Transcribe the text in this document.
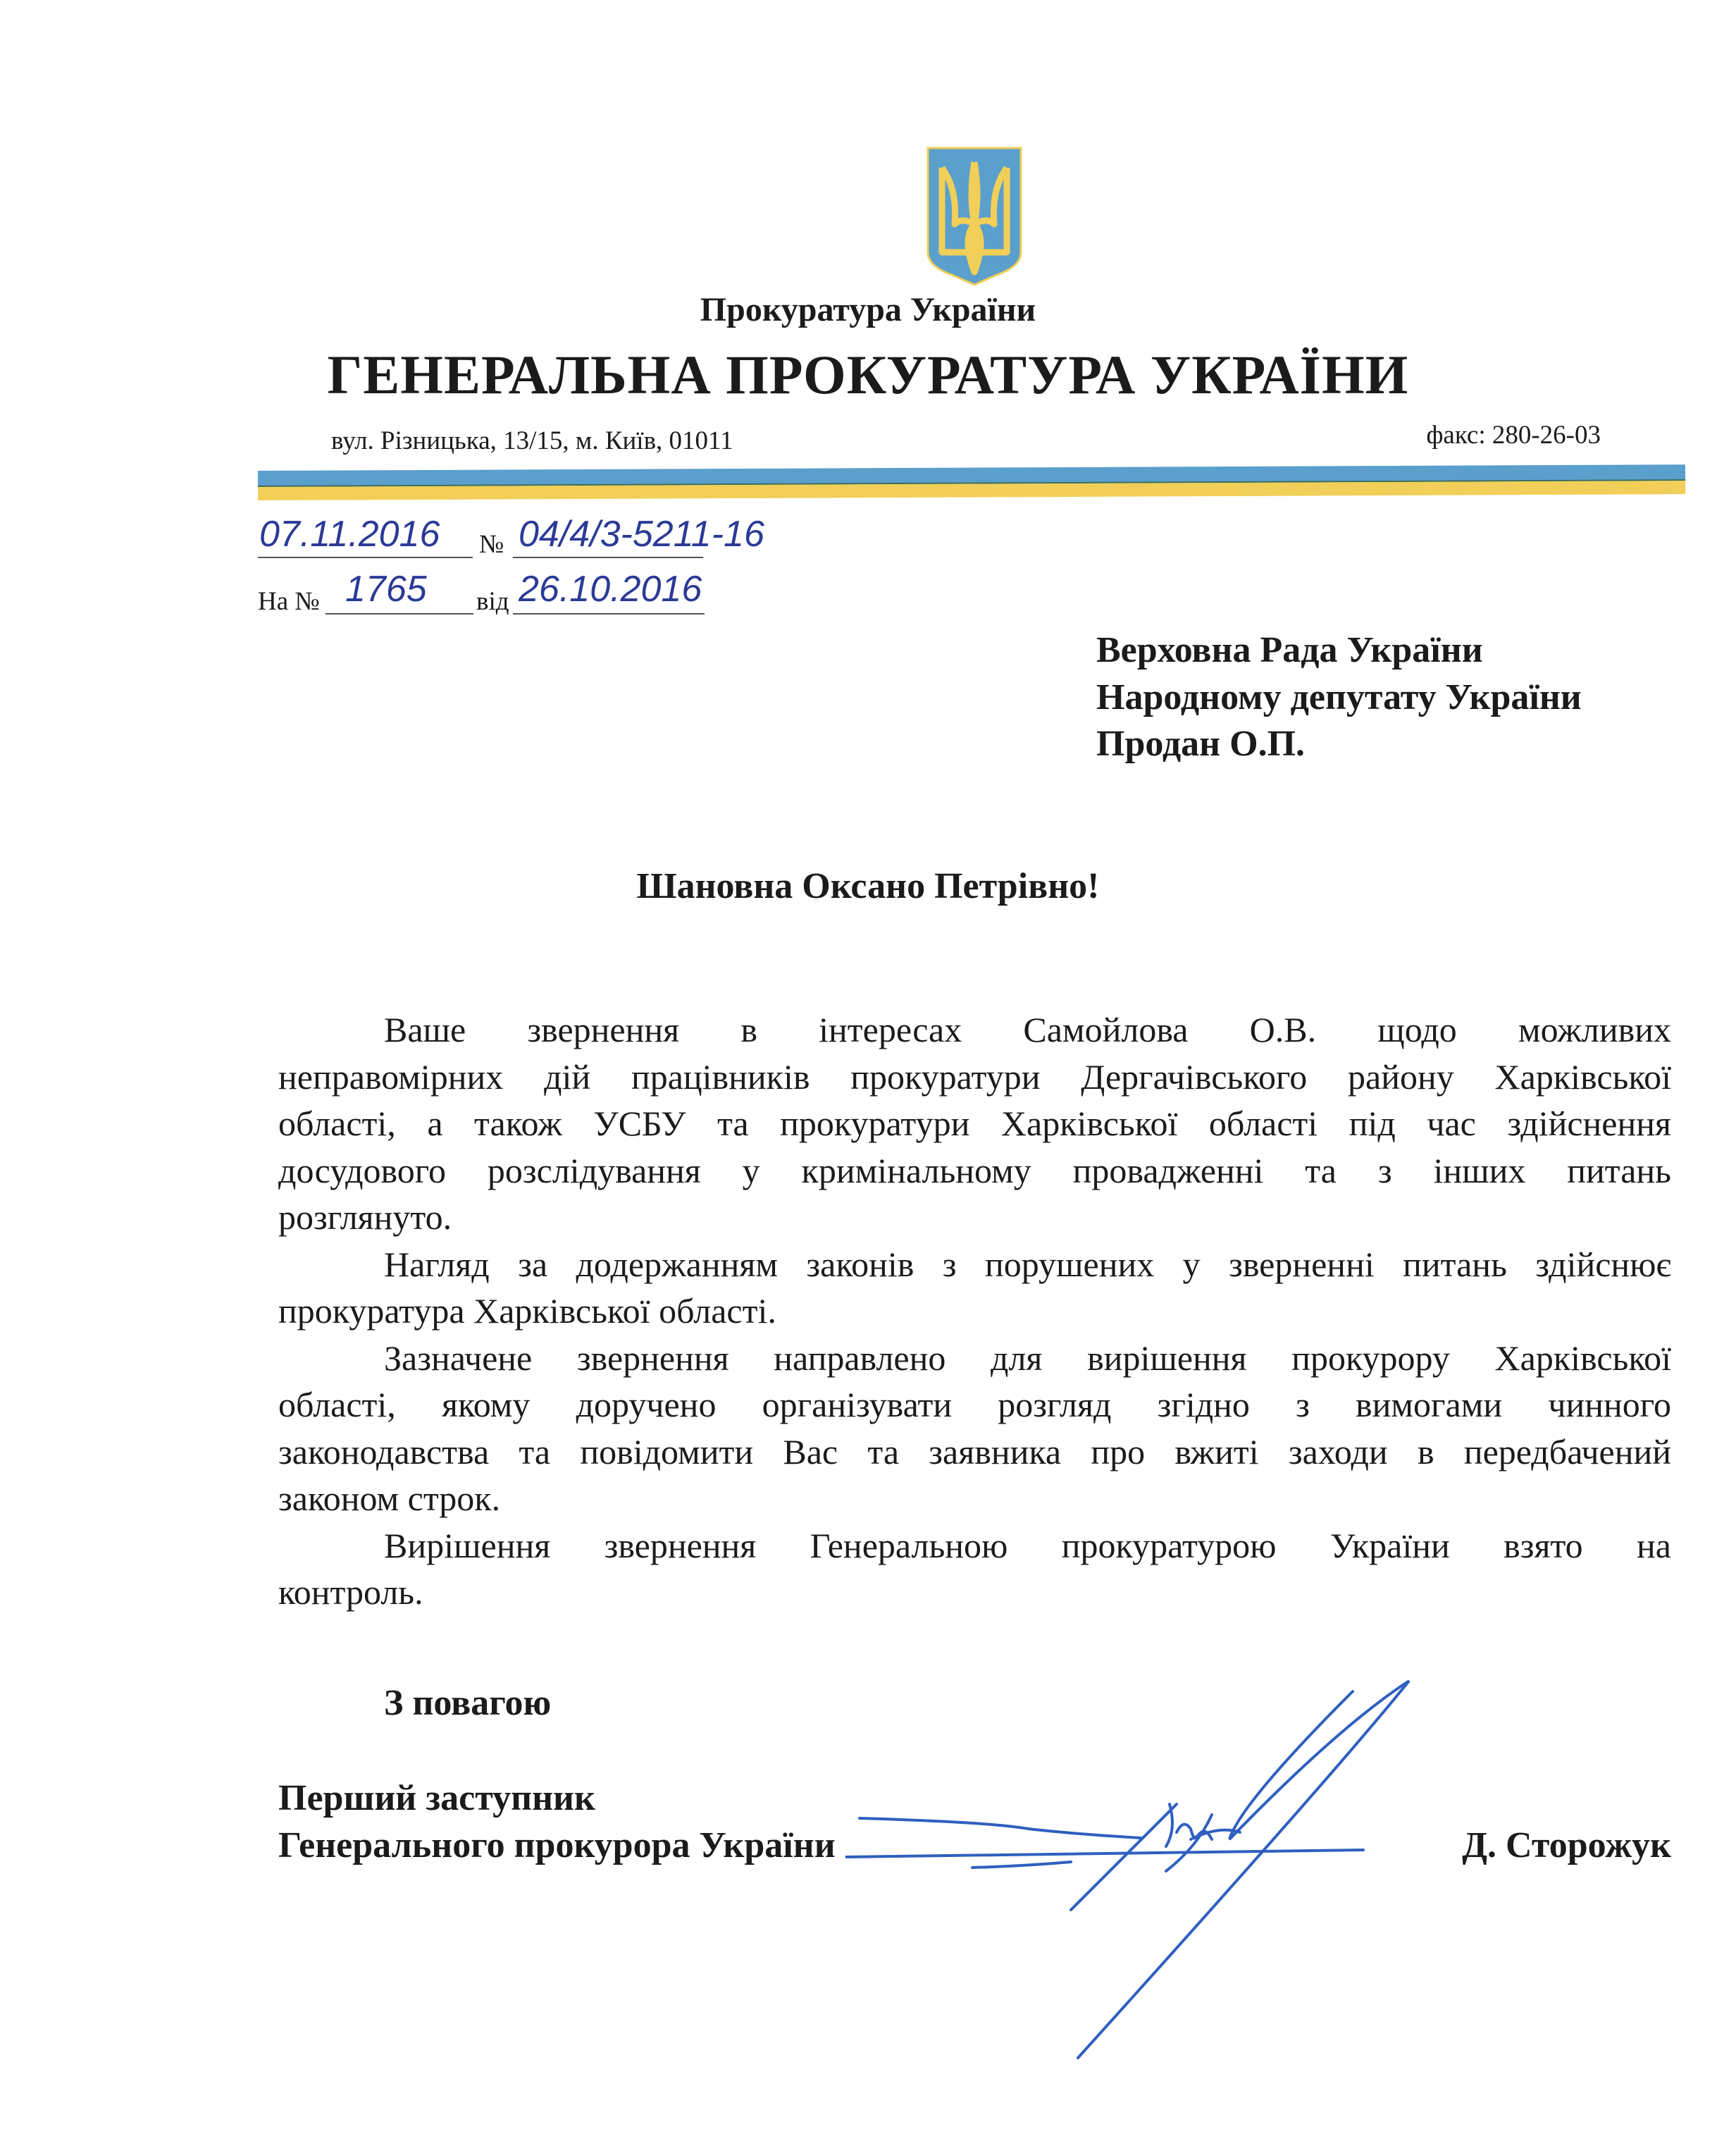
Прокуратура України
ГЕНЕРАЛЬНА ПРОКУРАТУРА УКРАЇНИ
вул. Різницька, 13/15, м. Київ, 01011	факс: 280-26-03
07.11.2016 № 04/4/3-5211-16
На № 1765 від 26.10.2016
Верховна Рада України
Народному депутату України
Продан О.П.
Шановна Оксано Петрівно!
Ваше звернення в інтересах Самойлова О.В. щодо можливих
неправомірних дій працівників прокуратури Дергачівського району Харківської
області, а також УСБУ та прокуратури Харківської області під час здійснення
досудового розслідування у кримінальному провадженні та з інших питань
розглянуто.
Нагляд за додержанням законів з порушених у зверненні питань здійснює
прокуратура Харківської області.
Зазначене звернення направлено для вирішення прокурору Харківської
області, якому доручено організувати розгляд згідно з вимогами чинного
законодавства та повідомити Вас та заявника про вжиті заходи в передбачений
законом строк.
Вирішення звернення Генеральною прокуратурою України взято на
контроль.
З повагою
Перший заступник
Генерального прокурора України	Д. Сторожук
